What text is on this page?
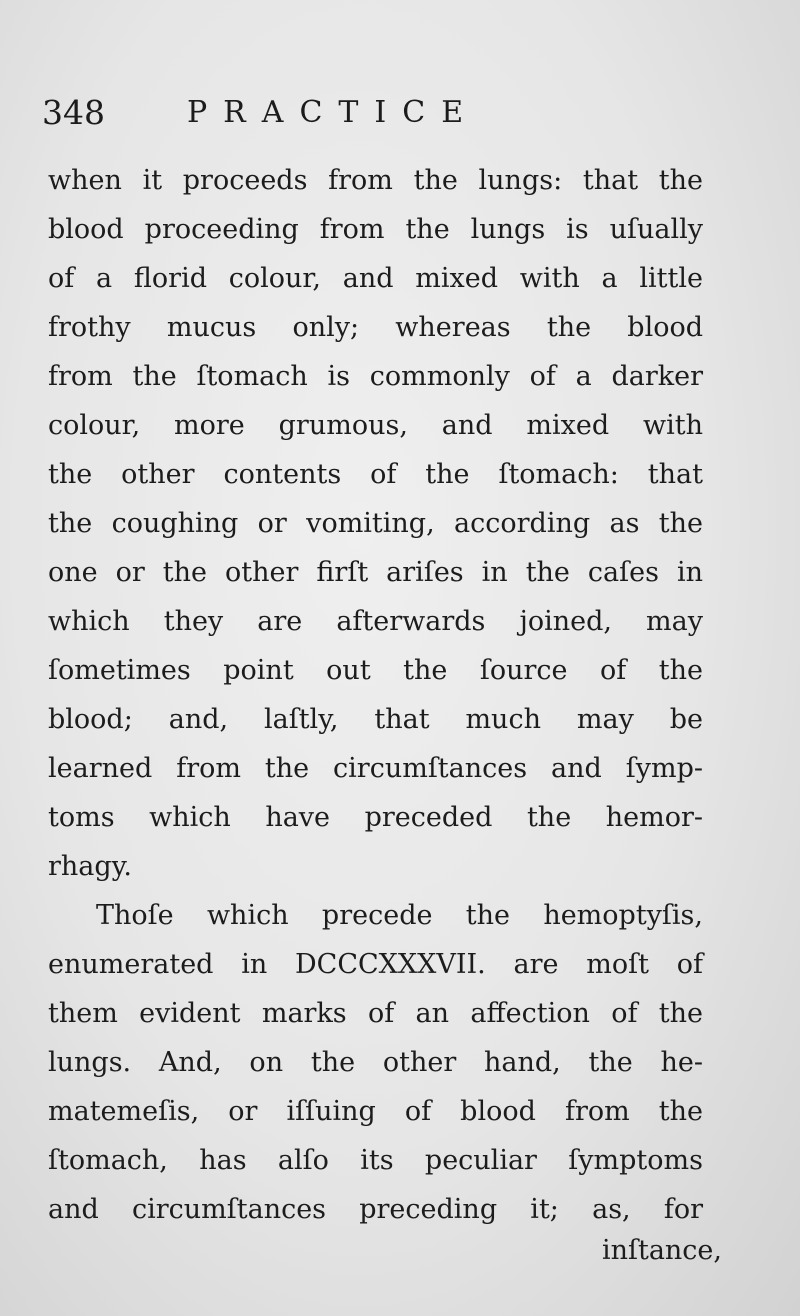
348	PRACTICE
when it proceeds from the lungs: that the
blood proceeding from the lungs is uſually
of a florid colour, and mixed with a little
frothy mucus only; whereas the blood
from the ſtomach is commonly of a darker
colour, more grumous, and mixed with
the other contents of the ſtomach: that
the coughing or vomiting, according as the
one or the other firſt ariſes in the caſes in
which they are afterwards joined, may
ſometimes point out the ſource of the
blood; and, laſtly, that much may be
learned from the circumſtances and ſymp-
toms which have preceded the hemor-
rhagy.
Thoſe which precede the hemoptyſis,
enumerated in DCCCXXXVII. are moſt of
them evident marks of an affection of the
lungs. And, on the other hand, the he-
matemeſis, or iſſuing of blood from the
ſtomach, has alſo its peculiar ſymptoms
and circumſtances preceding it; as, for
inſtance,
